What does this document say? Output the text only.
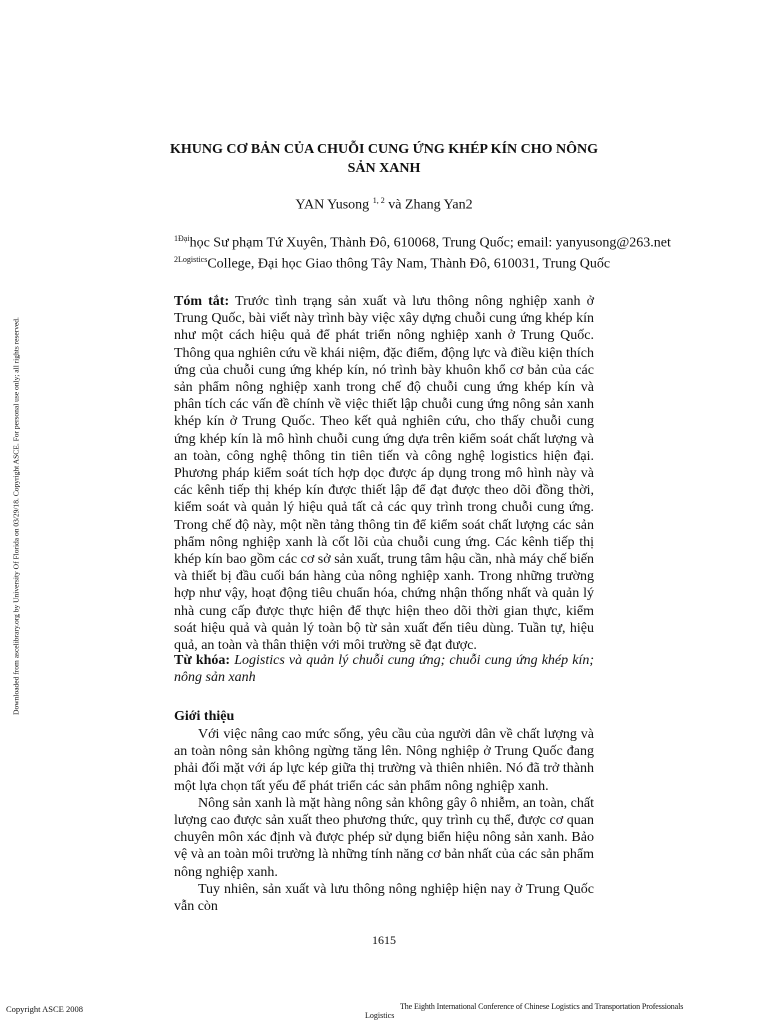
Downloaded from ascelibrary.org by University Of Florida on 03/29/18. Copyright ASCE. For personal use only; all rights reserved.
KHUNG CƠ BẢN CỦA CHUỖI CUNG ỨNG KHÉP KÍN CHO NÔNG
SẢN XANH
YAN Yusong $^{1, 2}$ và Zhang Yan2
$^{1Đại}$học Sư phạm Tứ Xuyên, Thành Đô, 610068, Trung Quốc; email: yanyusong@263.net
$^{2Logistics}$College, Đại học Giao thông Tây Nam, Thành Đô, 610031, Trung Quốc
Tóm tắt: Trước tình trạng sản xuất và lưu thông nông nghiệp xanh ở Trung Quốc, bài viết này trình bày việc xây dựng chuỗi cung ứng khép kín như một cách hiệu quả để phát triển nông nghiệp xanh ở Trung Quốc. Thông qua nghiên cứu về khái niệm, đặc điểm, động lực và điều kiện thích ứng của chuỗi cung ứng khép kín, nó trình bày khuôn khổ cơ bản của các sản phẩm nông nghiệp xanh trong chế độ chuỗi cung ứng khép kín và phân tích các vấn đề chính về việc thiết lập chuỗi cung ứng nông sản xanh khép kín ở Trung Quốc. Theo kết quả nghiên cứu, cho thấy chuỗi cung ứng khép kín là mô hình chuỗi cung ứng dựa trên kiểm soát chất lượng và an toàn, công nghệ thông tin tiên tiến và công nghệ logistics hiện đại. Phương pháp kiểm soát tích hợp dọc được áp dụng trong mô hình này và các kênh tiếp thị khép kín được thiết lập để đạt được theo dõi đồng thời, kiểm soát và quản lý hiệu quả tất cả các quy trình trong chuỗi cung ứng. Trong chế độ này, một nền tảng thông tin để kiểm soát chất lượng các sản phẩm nông nghiệp xanh là cốt lõi của chuỗi cung ứng. Các kênh tiếp thị khép kín bao gồm các cơ sở sản xuất, trung tâm hậu cần, nhà máy chế biến và thiết bị đầu cuối bán hàng của nông nghiệp xanh. Trong những trường hợp như vậy, hoạt động tiêu chuẩn hóa, chứng nhận thống nhất và quản lý nhà cung cấp được thực hiện để thực hiện theo dõi thời gian thực, kiểm soát hiệu quả và quản lý toàn bộ từ sản xuất đến tiêu dùng. Tuần tự, hiệu quả, an toàn và thân thiện với môi trường sẽ đạt được.
Từ khóa: Logistics và quản lý chuỗi cung ứng; chuỗi cung ứng khép kín; nông sản xanh
Giới thiệu

Với việc nâng cao mức sống, yêu cầu của người dân về chất lượng và an toàn nông sản không ngừng tăng lên. Nông nghiệp ở Trung Quốc đang phải đối mặt với áp lực kép giữa thị trường và thiên nhiên. Nó đã trở thành một lựa chọn tất yếu để phát triển các sản phẩm nông nghiệp xanh.

Nông sản xanh là mặt hàng nông sản không gây ô nhiễm, an toàn, chất lượng cao được sản xuất theo phương thức, quy trình cụ thể, được cơ quan chuyên môn xác định và được phép sử dụng biển hiệu nông sản xanh. Bảo vệ và an toàn môi trường là những tính năng cơ bản nhất của các sản phẩm nông nghiệp xanh.

Tuy nhiên, sản xuất và lưu thông nông nghiệp hiện nay ở Trung Quốc vẫn còn

1615
Copyright ASCE 2008	The Eighth International Conference of Chinese Logistics and Transportation Professionals
Logistics
